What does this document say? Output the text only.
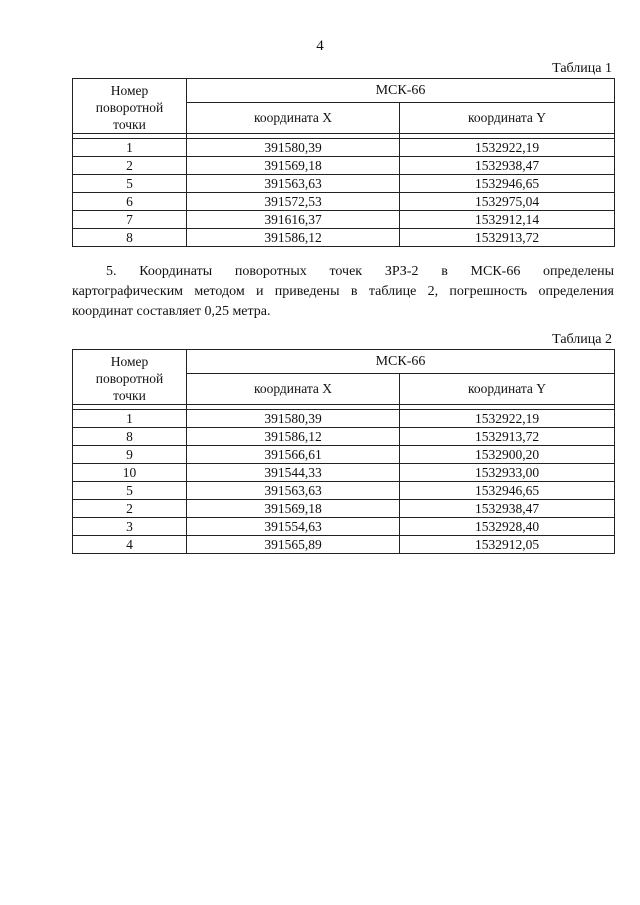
4
Таблица 1
Номер
поворотной
точки	МСК-66	
	координата X	координата Y

1	391580,39	1532922,19
2	391569,18	1532938,47
5	391563,63	1532946,65
6	391572,53	1532975,04
7	391616,37	1532912,14
8	391586,12	1532913,72
5. Координаты поворотных точек ЗРЗ-2 в МСК-66 определены
картографическим методом и приведены в таблице 2, погрешность определения координат составляет 0,25 метра.
Таблица 2
Номер
поворотной
точки	МСК-66	
	координата X	координата Y

1	391580,39	1532922,19
8	391586,12	1532913,72
9	391566,61	1532900,20
10	391544,33	1532933,00
5	391563,63	1532946,65
2	391569,18	1532938,47
3	391554,63	1532928,40
4	391565,89	1532912,05
